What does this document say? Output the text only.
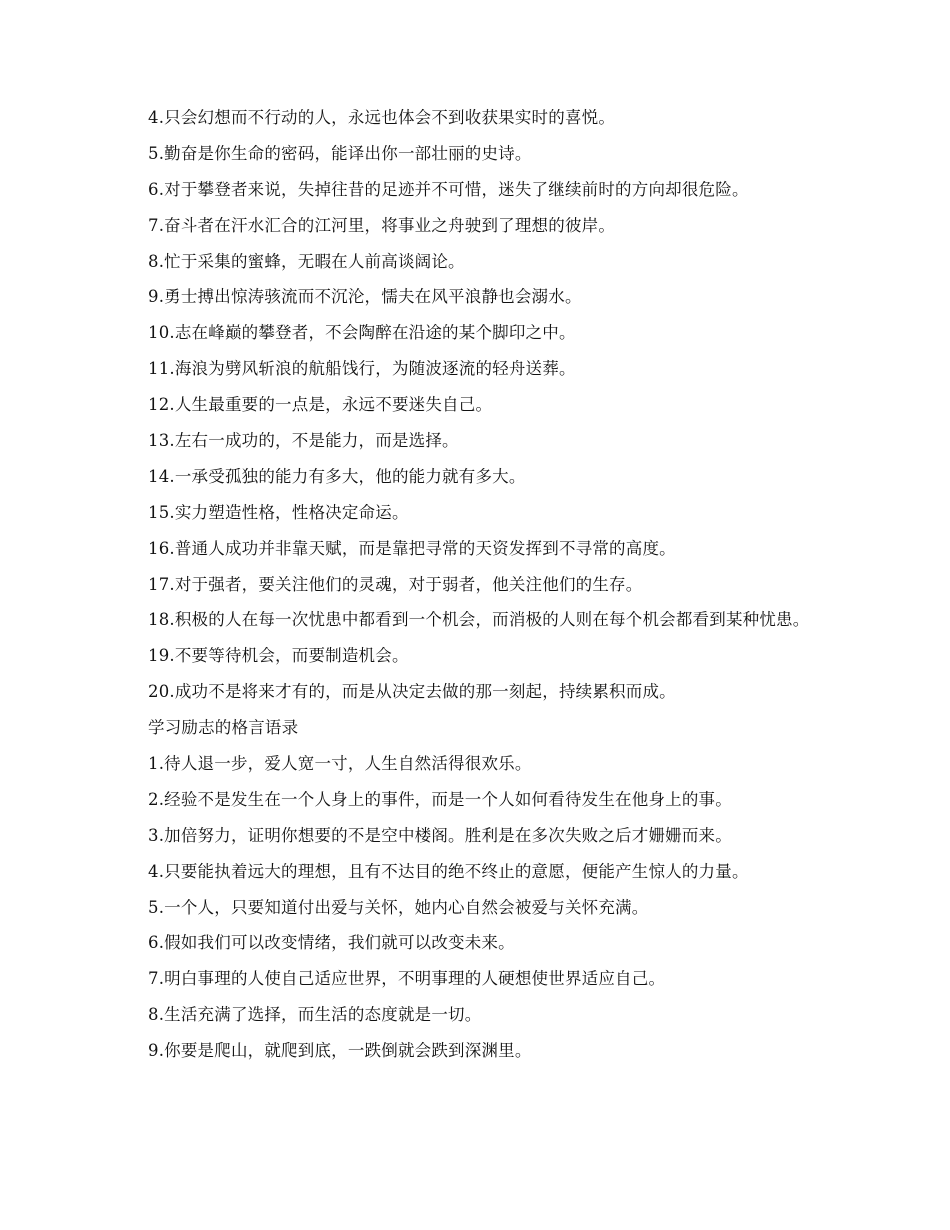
4.只会幻想而不行动的人，永远也体会不到收获果实时的喜悦。

5.勤奋是你生命的密码，能译出你一部壮丽的史诗。

6.对于攀登者来说，失掉往昔的足迹并不可惜，迷失了继续前时的方向却很危险。

7.奋斗者在汗水汇合的江河里，将事业之舟驶到了理想的彼岸。

8.忙于采集的蜜蜂，无暇在人前高谈阔论。

9.勇士搏出惊涛骇流而不沉沦，懦夫在风平浪静也会溺水。

10.志在峰巅的攀登者，不会陶醉在沿途的某个脚印之中。

11.海浪为劈风斩浪的航船饯行，为随波逐流的轻舟送葬。

12.人生最重要的一点是，永远不要迷失自己。

13.左右一成功的，不是能力，而是选择。

14.一承受孤独的能力有多大，他的能力就有多大。

15.实力塑造性格，性格决定命运。

16.普通人成功并非靠天赋，而是靠把寻常的天资发挥到不寻常的高度。

17.对于强者，要关注他们的灵魂，对于弱者，他关注他们的生存。

18.积极的人在每一次忧患中都看到一个机会，而消极的人则在每个机会都看到某种忧患。

19.不要等待机会，而要制造机会。

20.成功不是将来才有的，而是从决定去做的那一刻起，持续累积而成。

学习励志的格言语录

1.待人退一步，爱人宽一寸，人生自然活得很欢乐。

2.经验不是发生在一个人身上的事件，而是一个人如何看待发生在他身上的事。

3.加倍努力，证明你想要的不是空中楼阁。胜利是在多次失败之后才姗姗而来。

4.只要能执着远大的理想，且有不达目的绝不终止的意愿，便能产生惊人的力量。

5.一个人，只要知道付出爱与关怀，她内心自然会被爱与关怀充满。

6.假如我们可以改变情绪，我们就可以改变未来。

7.明白事理的人使自己适应世界，不明事理的人硬想使世界适应自己。

8.生活充满了选择，而生活的态度就是一切。

9.你要是爬山，就爬到底，一跌倒就会跌到深渊里。
